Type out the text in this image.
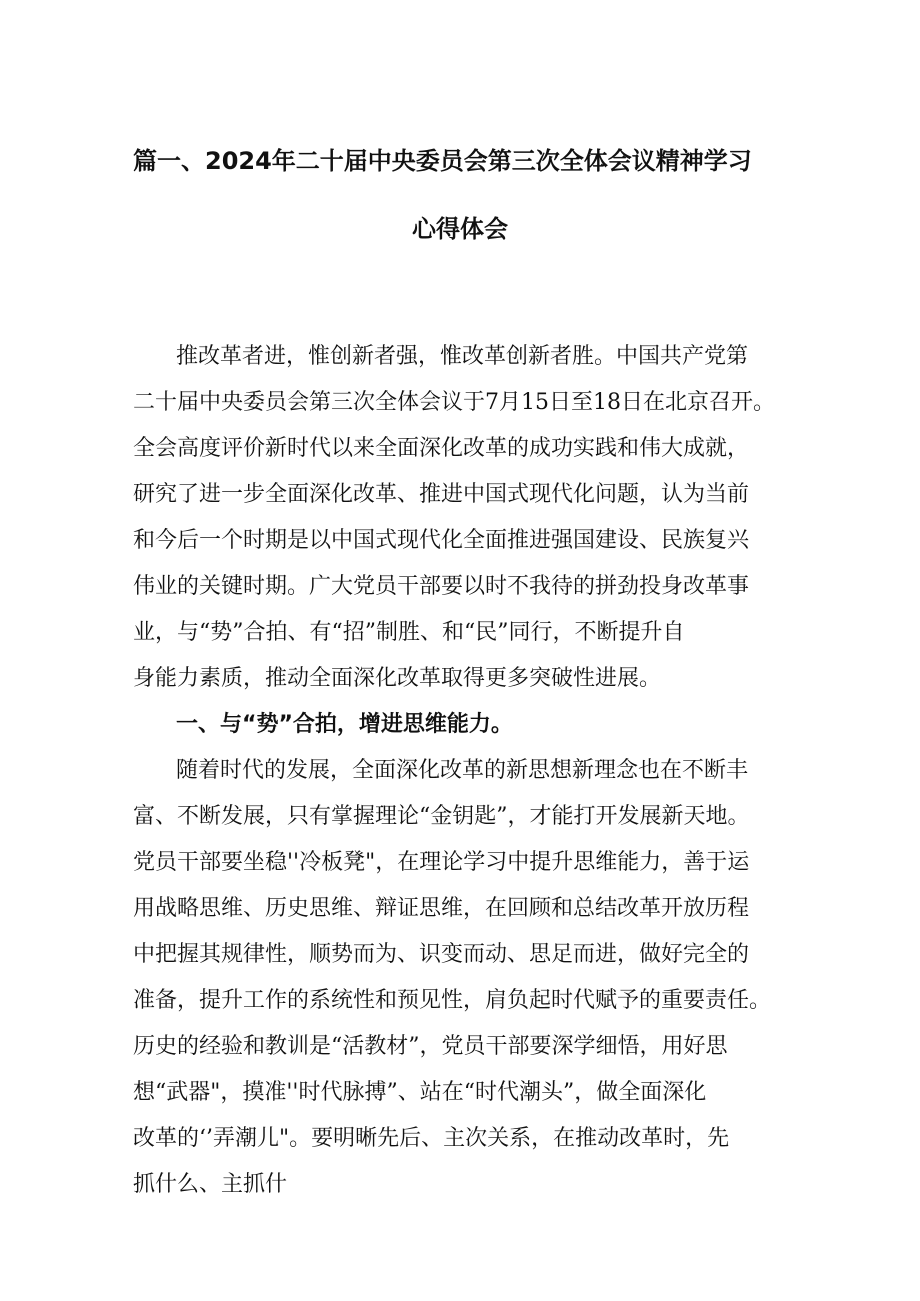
篇一、2024年二十届中央委员会第三次全体会议精神学习
心得体会

推改革者进，惟创新者强，惟改革创新者胜。中国共产党第

二十届中央委员会第三次全体会议于7月15日至18日在北京召开。

全会高度评价新时代以来全面深化改革的成功实践和伟大成就，

研究了进一步全面深化改革、推进中国式现代化问题，认为当前

和今后一个时期是以中国式现代化全面推进强国建设、民族复兴

伟业的关键时期。广大党员干部要以时不我待的拼劲投身改革事

业，与“势”合拍、有“招”制胜、和“民”同行，不断提升自

身能力素质，推动全面深化改革取得更多突破性进展。

一、与“势”合拍，增进思维能力。

随着时代的发展，全面深化改革的新思想新理念也在不断丰

富、不断发展，只有掌握理论“金钥匙”，才能打开发展新天地。

党员干部要坐稳''冷板凳"，在理论学习中提升思维能力，善于运

用战略思维、历史思维、辩证思维，在回顾和总结改革开放历程

中把握其规律性，顺势而为、识变而动、思足而进，做好完全的

准备，提升工作的系统性和预见性，肩负起时代赋予的重要责任。

历史的经验和教训是“活教材”，党员干部要深学细悟，用好思

想“武器"，摸准''时代脉搏”、站在“时代潮头”，做全面深化

改革的‘’弄潮儿"。要明晰先后、主次关系，在推动改革时，先

抓什么、主抓什
